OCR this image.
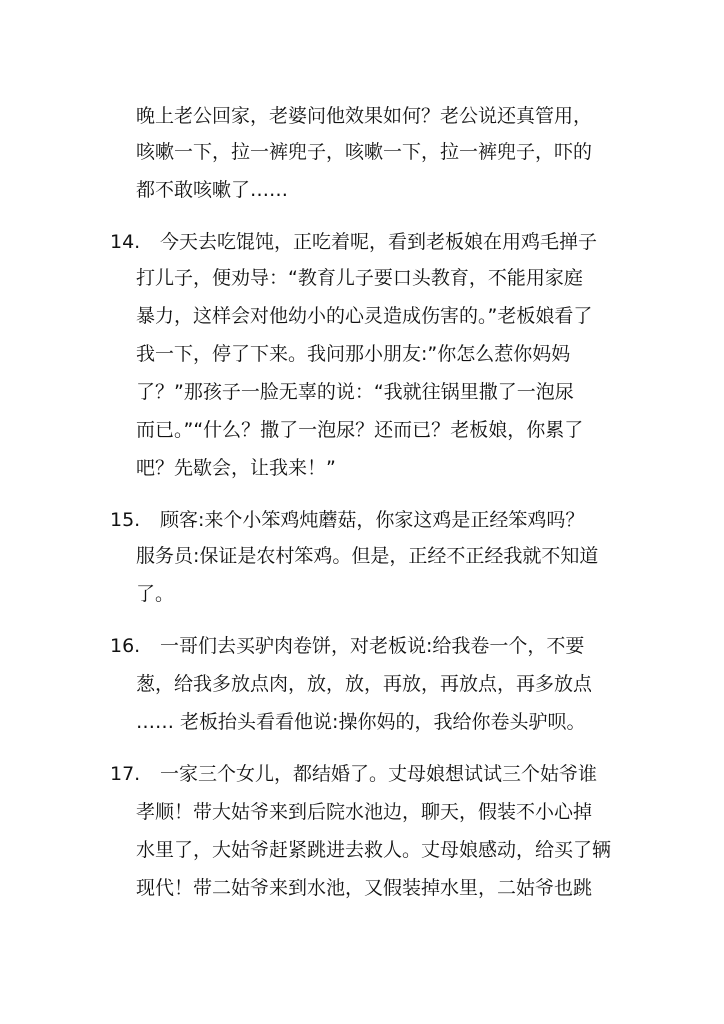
晚上老公回家，老婆问他效果如何？老公说还真管用，
咳嗽一下，拉一裤兜子，咳嗽一下，拉一裤兜子，吓的
都不敢咳嗽了……
14. 今天去吃馄饨，正吃着呢，看到老板娘在用鸡毛掸子
打儿子，便劝导：“教育儿子要口头教育，不能用家庭
暴力，这样会对他幼小的心灵造成伤害的。”老板娘看了
我一下，停了下来。我问那小朋友:”你怎么惹你妈妈
了？”那孩子一脸无辜的说：“我就往锅里撒了一泡尿
而已。”“什么？撒了一泡尿？还而已？老板娘，你累了
吧？先歇会，让我来！”
15. 顾客:来个小笨鸡炖蘑菇，你家这鸡是正经笨鸡吗？
服务员:保证是农村笨鸡。但是，正经不正经我就不知道
了。
16. 一哥们去买驴肉卷饼，对老板说:给我卷一个，不要
葱，给我多放点肉，放，放，再放，再放点，再多放点
…… 老板抬头看看他说:操你妈的，我给你卷头驴呗。
17. 一家三个女儿，都结婚了。丈母娘想试试三个姑爷谁
孝顺！带大姑爷来到后院水池边，聊天，假装不小心掉
水里了，大姑爷赶紧跳进去救人。丈母娘感动，给买了辆
现代！带二姑爷来到水池，又假装掉水里，二姑爷也跳
